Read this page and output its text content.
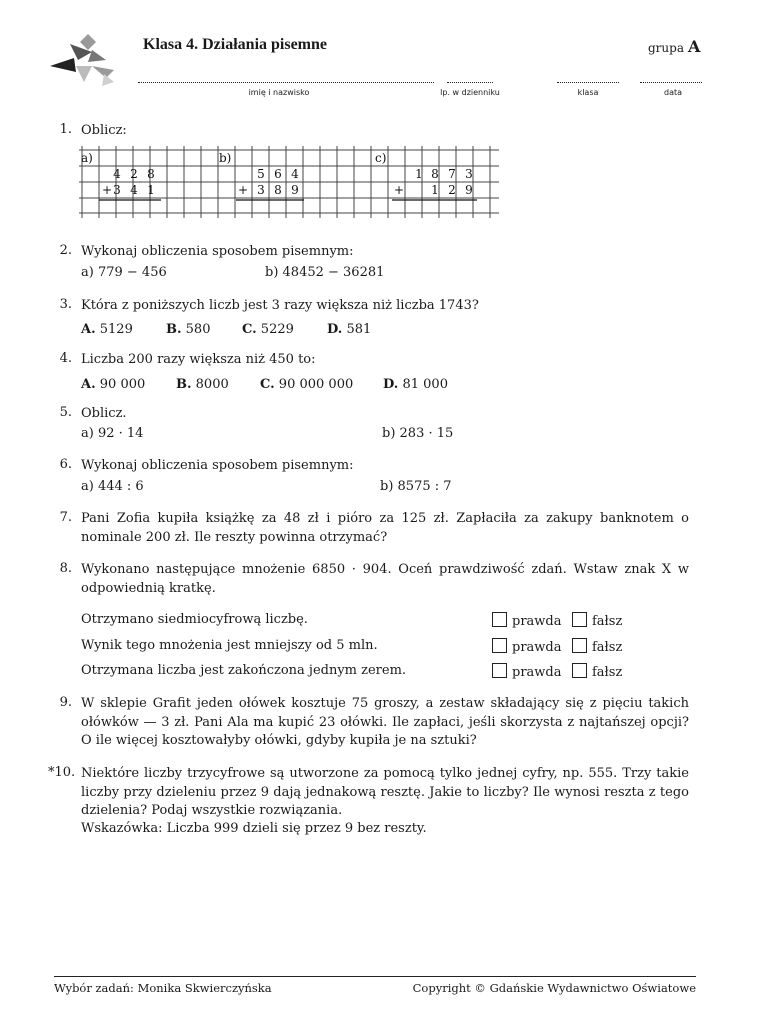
Klasa 4. Działania pisemne	grupa A
imię i nazwisko	lp. w dzienniku	klasa	data
1. Oblicz:
a)	b)	c)
4 2 8
+ 3 4 1
5 6 4
+ 3 8 9
1 8 7 3
+ 1 2 9
2. Wykonaj obliczenia sposobem pisemnym:
a) 779 − 456	b) 48452 − 36281
3. Która z poniższych liczb jest 3 razy większa niż liczba 1743?
A. 5129	B. 580 C. 5229	D. 581
4. Liczba 200 razy większa niż 450 to:
A. 90 000 B. 8000 C. 90 000 000 D. 81 000
5. Oblicz.
a) 92 · 14	b) 283 · 15
6. Wykonaj obliczenia sposobem pisemnym:
a) 444 : 6	b) 8575 : 7
7. Pani Zofia kupiła książkę za 48 zł i pióro za 125 zł. Zapłaciła za zakupy banknotem o nominale 200 zł. Ile reszty powinna otrzymać?
8. Wykonano następujące mnożenie 6850 · 904. Oceń prawdziwość zdań. Wstaw znak X w odpowiednią kratkę.
Otrzymano siedmiocyfrową liczbę.	prawda	fałsz
Wynik tego mnożenia jest mniejszy od 5 mln.	prawda	fałsz
Otrzymana liczba jest zakończona jednym zerem.	prawda	fałsz
9. W sklepie Grafit jeden ołówek kosztuje 75 groszy, a zestaw składający się z pięciu takich ołówków — 3 zł. Pani Ala ma kupić 23 ołówki. Ile zapłaci, jeśli skorzysta z najtańszej opcji? O ile więcej kosztowałyby ołówki, gdyby kupiła je na sztuki?
*10. Niektóre liczby trzycyfrowe są utworzone za pomocą tylko jednej cyfry, np. 555. Trzy takie liczby przy dzieleniu przez 9 dają jednakową resztę. Jakie to liczby? Ile wynosi reszta z tego dzielenia? Podaj wszystkie rozwiązania.
Wskazówka: Liczba 999 dzieli się przez 9 bez reszty.
Wybór zadań: Monika Skwierczyńska	Copyright © Gdańskie Wydawnictwo Oświatowe
